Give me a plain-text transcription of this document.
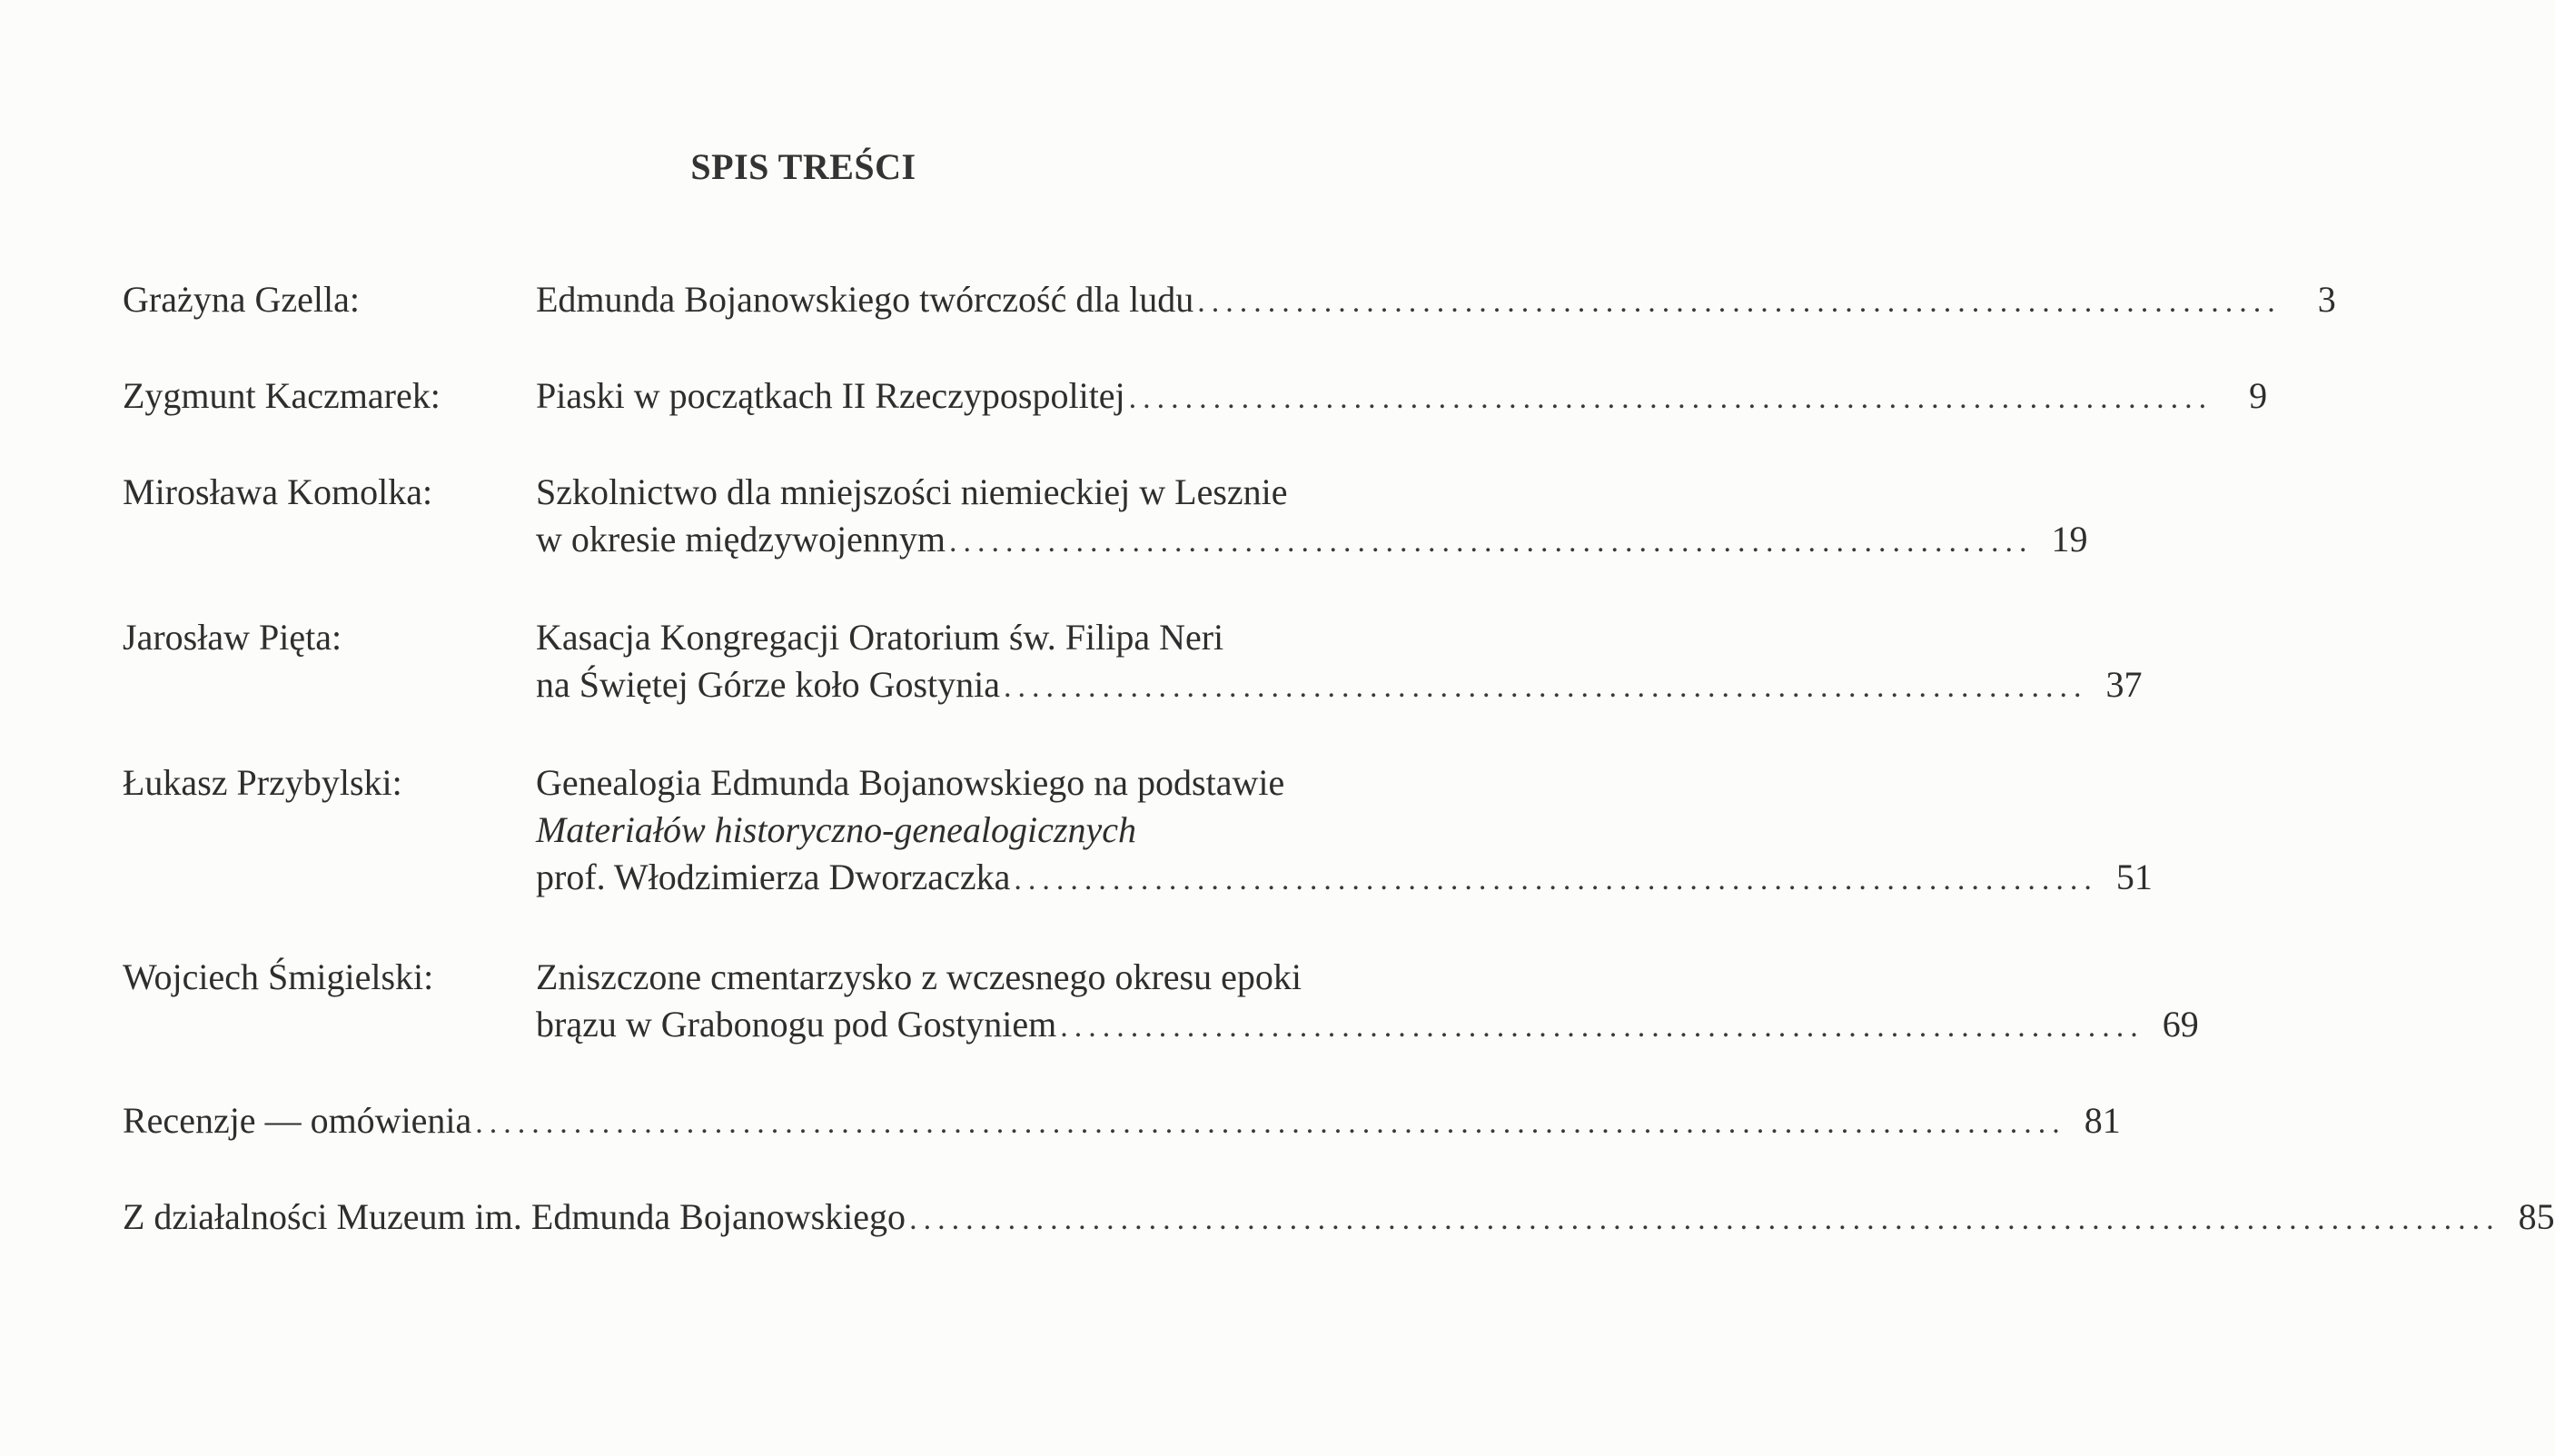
SPIS TREŚCI
Grażyna Gzella:	Edmunda Bojanowskiego twórczość dla ludu .............................................................................	3
Zygmunt Kaczmarek:	Piaski w początkach II Rzeczypospolitej .............................................................................	9
Mirosława Komolka:	Szkolnictwo dla mniejszości niemieckiej w Lesznie
w okresie międzywojennym ............................................................................. 19
Jarosław Pięta:	Kasacja Kongregacji Oratorium św. Filipa Neri
na Świętej Górze koło Gostynia ............................................................................. 37
Łukasz Przybylski:	Genealogia Edmunda Bojanowskiego na podstawie
Materiałów historyczno-genealogicznych
prof. Włodzimierza Dworzaczka ............................................................................. 51
Wojciech Śmigielski:	Zniszczone cmentarzysko z wczesnego okresu epoki
brązu w Grabonogu pod Gostyniem ............................................................................. 69
Recenzje — omówienia ................................................................................................................. 81
Z działalności Muzeum im. Edmunda Bojanowskiego ................................................................................................................. 85
